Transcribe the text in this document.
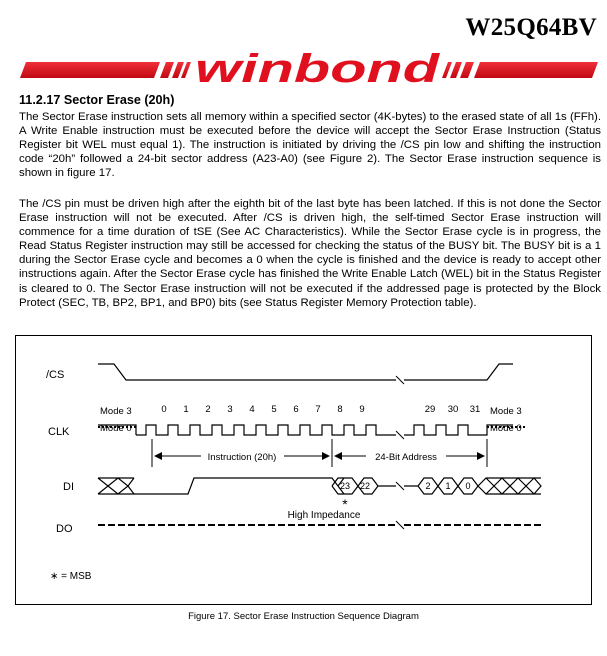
W25Q64BV
winbond
11.2.17 Sector Erase (20h)

The Sector Erase instruction sets all memory within a specified sector (4K-bytes) to the erased state of all 1s (FFh). A Write Enable instruction must be executed before the device will accept the Sector Erase Instruction (Status Register bit WEL must equal 1). The instruction is initiated by driving the /CS pin low and shifting the instruction code “20h” followed a 24-bit sector address (A23-A0) (see Figure 2). The Sector Erase instruction sequence is shown in figure 17.

The /CS pin must be driven high after the eighth bit of the last byte has been latched. If this is not done the Sector Erase instruction will not be executed. After /CS is driven high, the self-timed Sector Erase instruction will commence for a time duration of tSE (See AC Characteristics). While the Sector Erase cycle is in progress, the Read Status Register instruction may still be accessed for checking the status of the BUSY bit. The BUSY bit is a 1 during the Sector Erase cycle and becomes a 0 when the cycle is finished and the device is ready to accept other instructions again. After the Sector Erase cycle has finished the Write Enable Latch (WEL) bit in the Status Register is cleared to 0. The Sector Erase instruction will not be executed if the addressed page is protected by the Block Protect (SEC, TB, BP2, BP1, and BP0) bits (see Status Register Memory Protection table).

/CS
CLK
DI
DO
Mode 3
Mode 0
Mode 3
Mode 0
0 1 2 3 4 5 6 7 8 9	29 30 31
Instruction (20h)	24-Bit Address
23 22	2 1 0
*
High Impedance
∗ = MSB
Figure 17. Sector Erase Instruction Sequence Diagram
